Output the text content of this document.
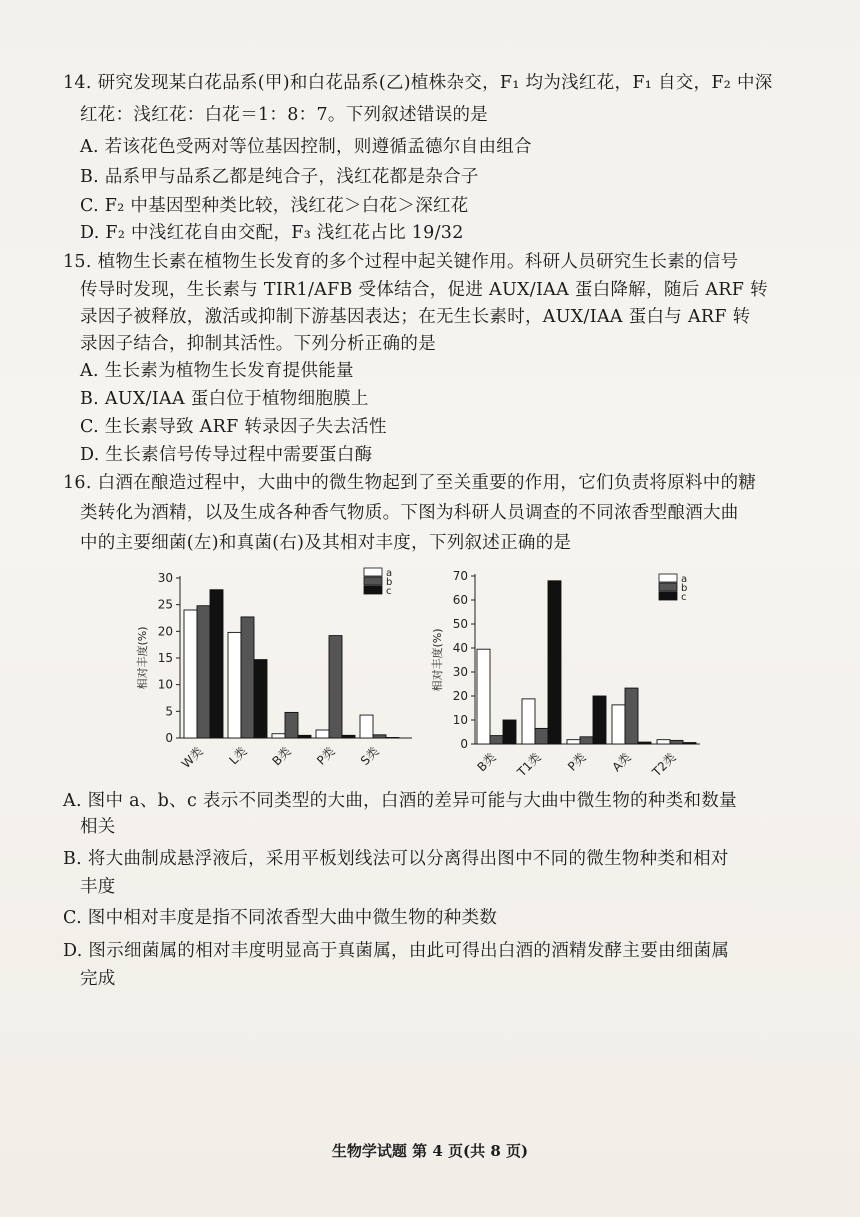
14. 研究发现某白花品系(甲)和白花品系(乙)植株杂交，F₁ 均为浅红花，F₁ 自交，F₂ 中深
红花：浅红花：白花＝1：8：7。下列叙述错误的是
A. 若该花色受两对等位基因控制，则遵循孟德尔自由组合
B. 品系甲与品系乙都是纯合子，浅红花都是杂合子
C. F₂ 中基因型种类比较，浅红花＞白花＞深红花
D. F₂ 中浅红花自由交配，F₃ 浅红花占比 19/32
15. 植物生长素在植物生长发育的多个过程中起关键作用。科研人员研究生长素的信号
传导时发现，生长素与 TIR1/AFB 受体结合，促进 AUX/IAA 蛋白降解，随后 ARF 转
录因子被释放，激活或抑制下游基因表达；在无生长素时，AUX/IAA 蛋白与 ARF 转
录因子结合，抑制其活性。下列分析正确的是
A. 生长素为植物生长发育提供能量
B. AUX/IAA 蛋白位于植物细胞膜上
C. 生长素导致 ARF 转录因子失去活性
D. 生长素信号传导过程中需要蛋白酶
16. 白酒在酿造过程中，大曲中的微生物起到了至关重要的作用，它们负责将原料中的糖
类转化为酒精，以及生成各种香气物质。下图为科研人员调查的不同浓香型酿酒大曲
中的主要细菌(左)和真菌(右)及其相对丰度，下列叙述正确的是
相对丰度(%)
0
5
10
15
20
25
30
W类 L类 B类 P类 S类
a
b
c
相对丰度(%)
0
10
20
30
40
50
60
70
B类 T1类 P类 A类 T2类
a
b
c
A. 图中 a、b、c 表示不同类型的大曲，白酒的差异可能与大曲中微生物的种类和数量
相关
B. 将大曲制成悬浮液后，采用平板划线法可以分离得出图中不同的微生物种类和相对
丰度
C. 图中相对丰度是指不同浓香型大曲中微生物的种类数
D. 图示细菌属的相对丰度明显高于真菌属，由此可得出白酒的酒精发酵主要由细菌属
完成
生物学试题 第 4 页(共 8 页)
